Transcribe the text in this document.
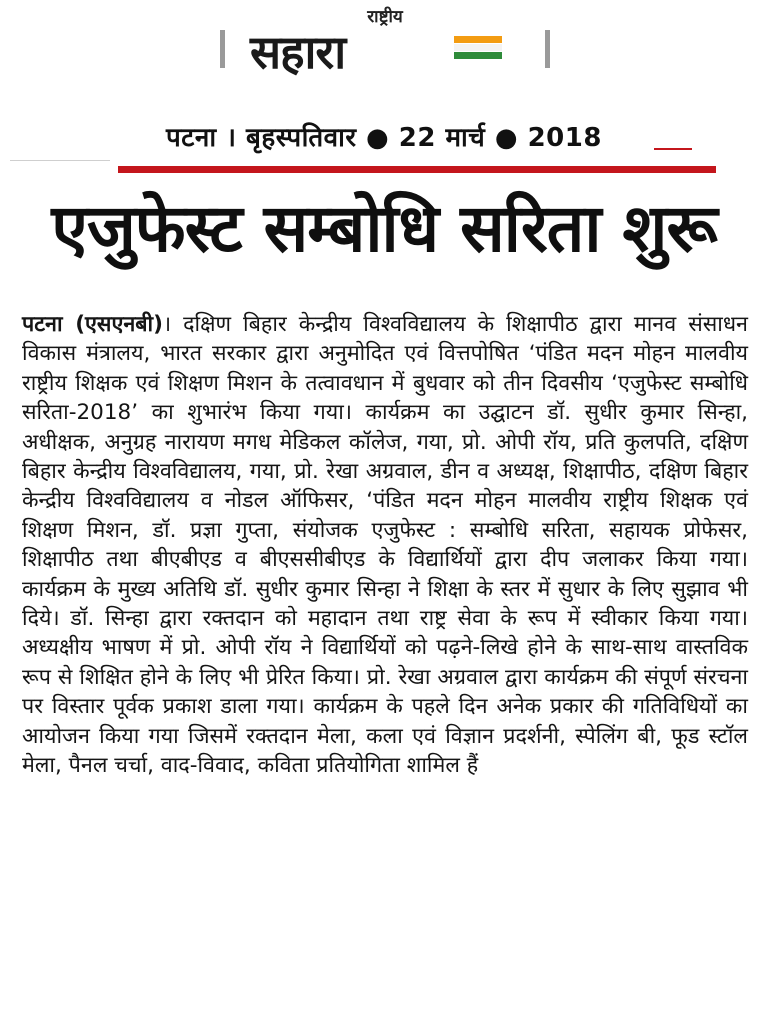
राष्ट्रीय
सहारा
पटना । बृहस्पतिवार ● 22 मार्च ● 2018
एजुफेस्ट सम्बोधि सरिता शुरू
पटना (एसएनबी)। दक्षिण बिहार केन्द्रीय विश्वविद्यालय के शिक्षापीठ द्वारा मानव संसाधन विकास मंत्रालय, भारत सरकार द्वारा अनुमोदित एवं वित्तपोषित ‘पंडित मदन मोहन मालवीय राष्ट्रीय शिक्षक एवं शिक्षण मिशन के तत्वावधान में बुधवार को तीन दिवसीय ‘एजुफेस्ट सम्बोधि सरिता-2018’ का शुभारंभ किया गया। कार्यक्रम का उद्घाटन डॉ. सुधीर कुमार सिन्हा, अधीक्षक, अनुग्रह नारायण मगध मेडिकल कॉलेज, गया, प्रो. ओपी रॉय, प्रति कुलपति, दक्षिण बिहार केन्द्रीय विश्वविद्यालय, गया, प्रो. रेखा अग्रवाल, डीन व अध्यक्ष, शिक्षापीठ, दक्षिण बिहार केन्द्रीय विश्वविद्यालय व नोडल ऑफिसर, ‘पंडित मदन मोहन मालवीय राष्ट्रीय शिक्षक एवं शिक्षण मिशन, डॉ. प्रज्ञा गुप्ता, संयोजक एजुफेस्ट : सम्बोधि सरिता, सहायक प्रोफेसर, शिक्षापीठ तथा बीएबीएड व बीएससीबीएड के विद्यार्थियों द्वारा दीप जलाकर किया गया। कार्यक्रम के मुख्य अतिथि डॉ. सुधीर कुमार सिन्हा ने शिक्षा के स्तर में सुधार के लिए सुझाव भी दिये। डॉ. सिन्हा द्वारा रक्तदान को महादान तथा राष्ट्र सेवा के रूप में स्वीकार किया गया। अध्यक्षीय भाषण में प्रो. ओपी रॉय ने विद्यार्थियों को पढ़ने-लिखे होने के साथ-साथ वास्तविक रूप से शिक्षित होने के लिए भी प्रेरित किया। प्रो. रेखा अग्रवाल द्वारा कार्यक्रम की संपूर्ण संरचना पर विस्तार पूर्वक प्रकाश डाला गया। कार्यक्रम के पहले दिन अनेक प्रकार की गतिविधियों का आयोजन किया गया जिसमें रक्तदान मेला, कला एवं विज्ञान प्रदर्शनी, स्पेलिंग बी, फूड स्टॉल मेला, पैनल चर्चा, वाद-विवाद, कविता प्रतियोगिता शामिल हैं
